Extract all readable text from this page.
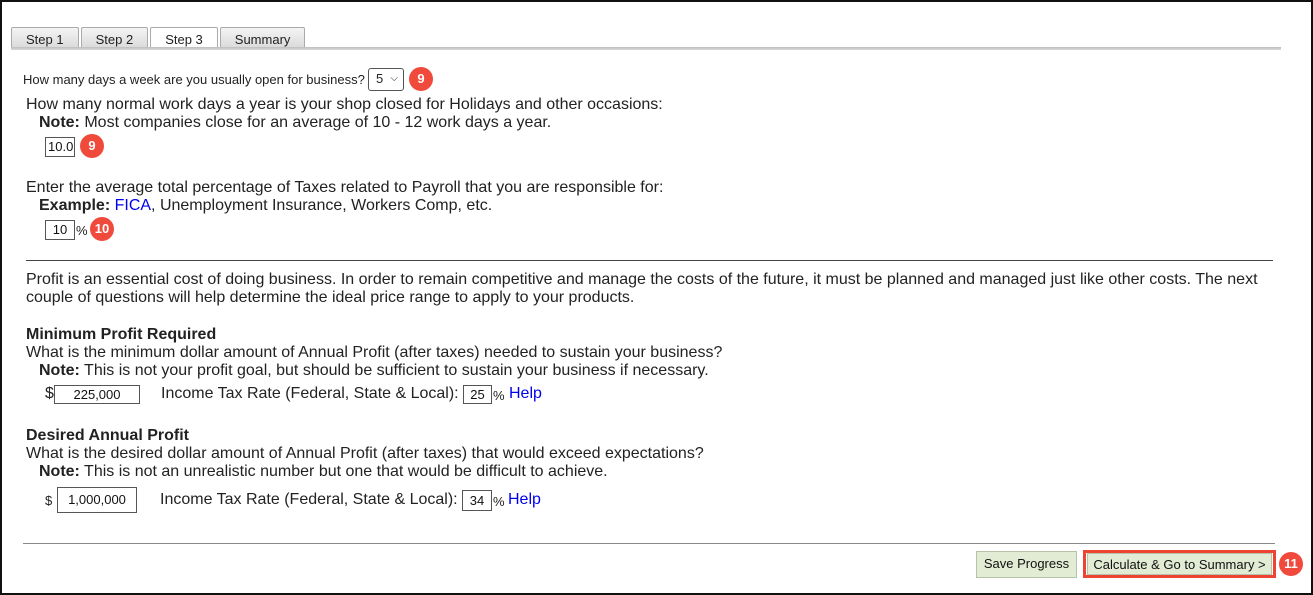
Step 1	Step 2	Step 3	Summary
How many days a week are you usually open for business? 5 ⌵	9
How many normal work days a year is your shop closed for Holidays and other occasions:
Note: Most companies close for an average of 10 - 12 work days a year.
10.0	9
Enter the average total percentage of Taxes related to Payroll that you are responsible for:
Example: FICA, Unemployment Insurance, Workers Comp, etc.
10 % 10
Profit is an essential cost of doing business. In order to remain competitive and manage the costs of the future, it must be planned and managed just like other costs. The next couple of questions will help determine the ideal price range to apply to your products.
Minimum Profit Required
What is the minimum dollar amount of Annual Profit (after taxes) needed to sustain your business?
Note: This is not your profit goal, but should be sufficient to sustain your business if necessary.
$	225,000	Income Tax Rate (Federal, State & Local): 25 % Help
Desired Annual Profit
What is the desired dollar amount of Annual Profit (after taxes) that would exceed expectations?
Note: This is not an unrealistic number but one that would be difficult to achieve.
$	1,000,000	Income Tax Rate (Federal, State & Local): 34 % Help
Save Progress	Calculate & Go to Summary >	11
